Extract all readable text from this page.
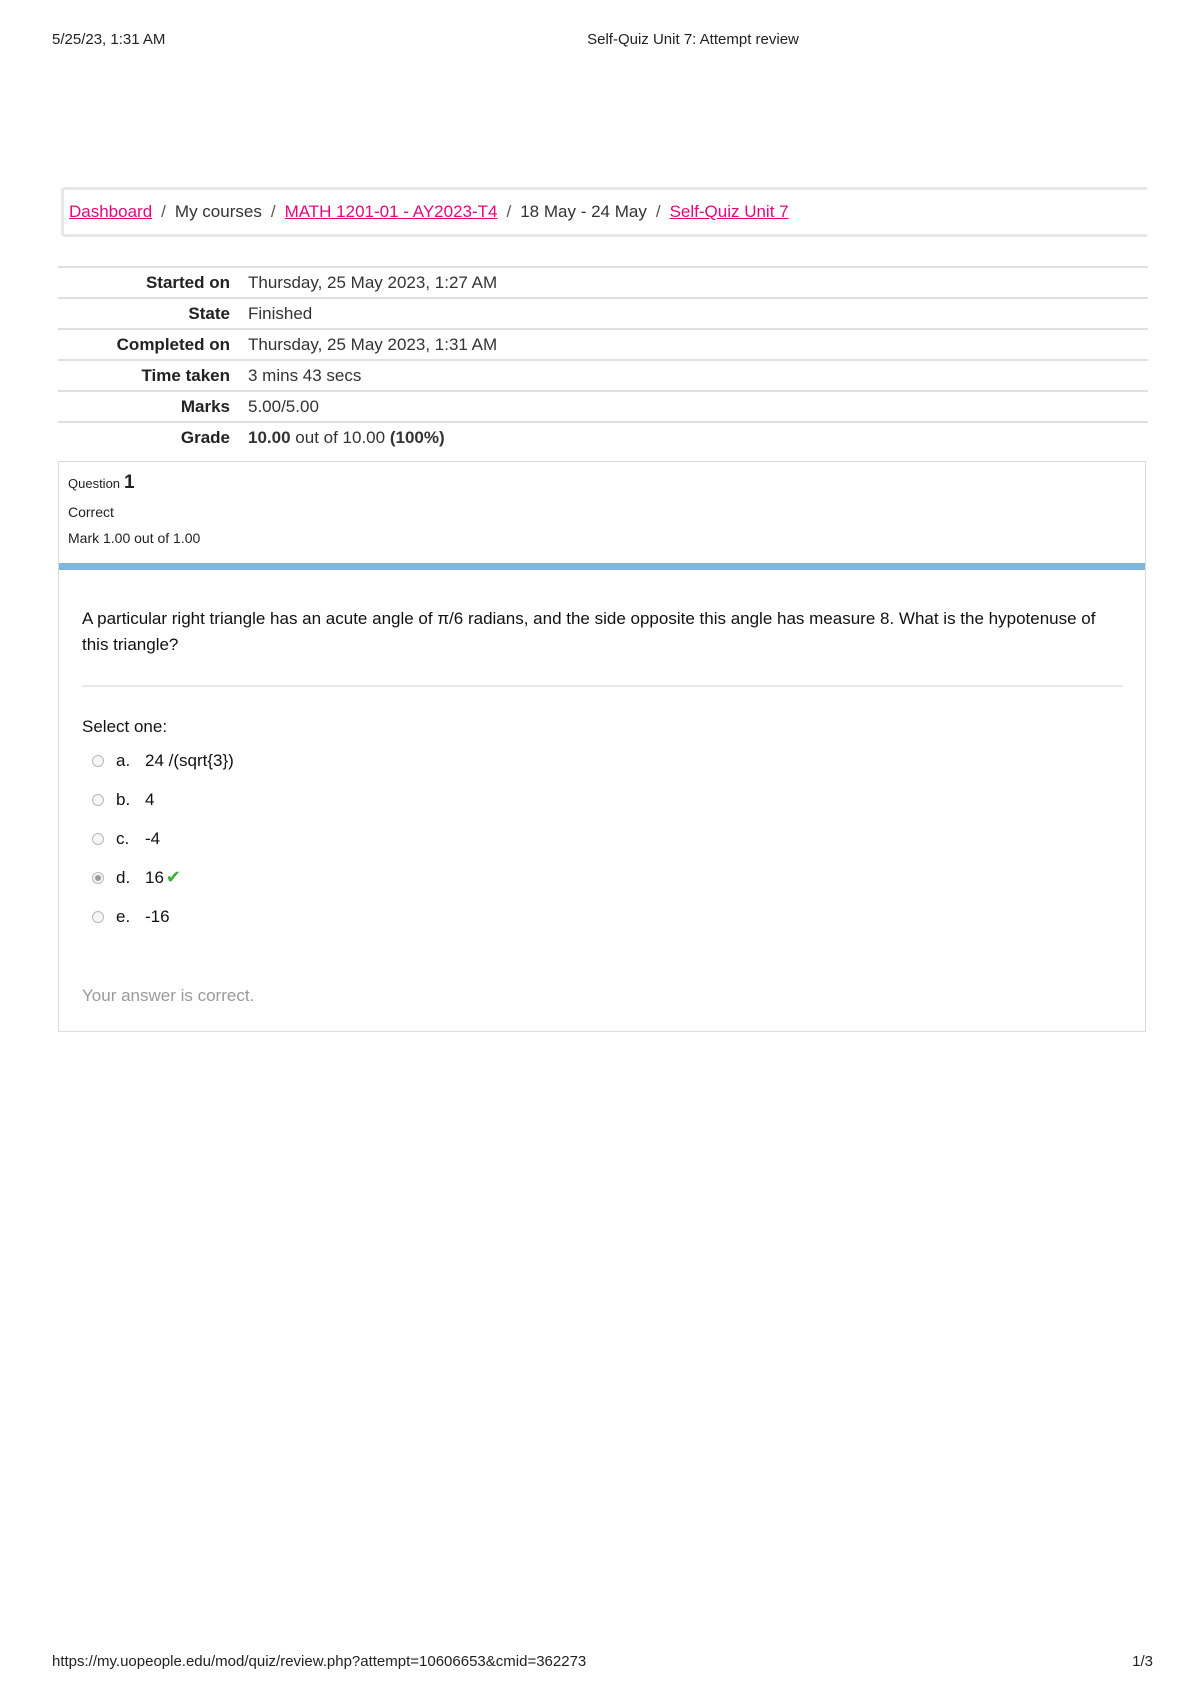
5/25/23, 1:31 AM	Self-Quiz Unit 7: Attempt review
Dashboard / My courses / MATH 1201-01 - AY2023-T4 / 18 May - 24 May / Self-Quiz Unit 7
Started on	Thursday, 25 May 2023, 1:27 AM
State	Finished
Completed on	Thursday, 25 May 2023, 1:31 AM
Time taken	3 mins 43 secs
Marks	5.00/5.00
Grade	10.00 out of 10.00 (100%)
Question 1
Correct
Mark 1.00 out of 1.00
A particular right triangle has an acute angle of π/6 radians, and the side opposite this angle has measure 8. What is the hypotenuse of this triangle?
Select one:
a. 24 /(sqrt{3})
b. 4
c. -4
d. 16 ✔
e. -16
Your answer is correct.
https://my.uopeople.edu/mod/quiz/review.php?attempt=10606653&cmid=362273	1/3
